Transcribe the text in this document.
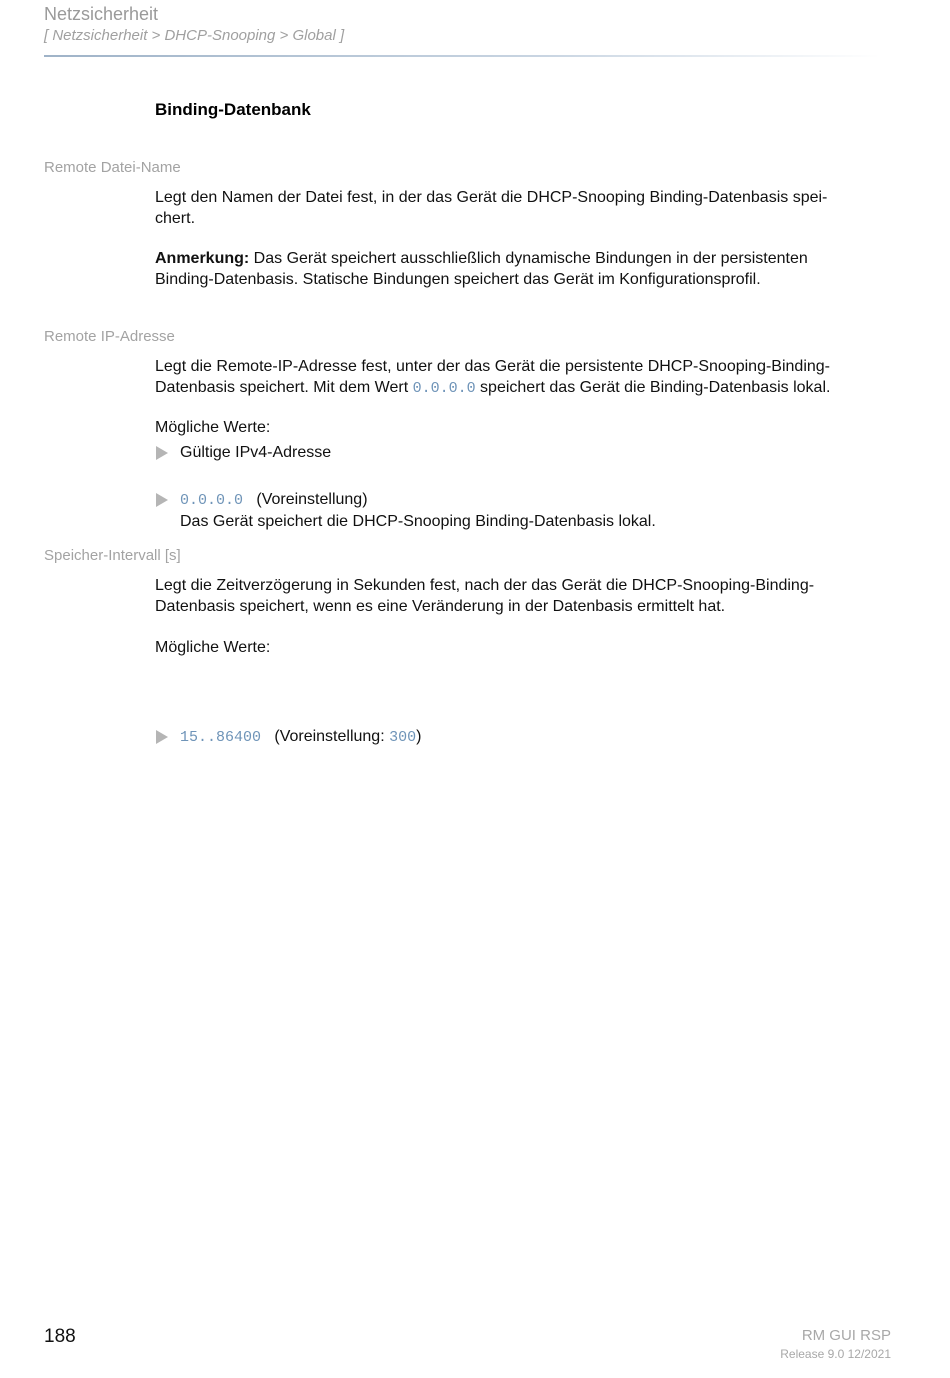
Netzsicherheit
[ Netzsicherheit > DHCP-Snooping > Global ]
Binding-Datenbank
Remote Datei-Name

Legt den Namen der Datei fest, in der das Gerät die DHCP-Snooping Binding-Datenbasis spei-

chert.

Anmerkung: Das Gerät speichert ausschließlich dynamische Bindungen in der persistenten

Binding-Datenbasis. Statische Bindungen speichert das Gerät im Konfigurationsprofil.

Remote IP-Adresse

Legt die Remote-IP-Adresse fest, unter der das Gerät die persistente DHCP-Snooping-Binding-

Datenbasis speichert. Mit dem Wert 0.0.0.0 speichert das Gerät die Binding-Datenbasis lokal.

Mögliche Werte:
Gültige IPv4-Adresse

0.0.0.0 (Voreinstellung)

Das Gerät speichert die DHCP-Snooping Binding-Datenbasis lokal.

Speicher-Intervall [s]

Legt die Zeitverzögerung in Sekunden fest, nach der das Gerät die DHCP-Snooping-Binding-

Datenbasis speichert, wenn es eine Veränderung in der Datenbasis ermittelt hat.

Mögliche Werte:
15..86400 (Voreinstellung: 300)
188	RM GUI RSP
Release 9.0 12/2021
